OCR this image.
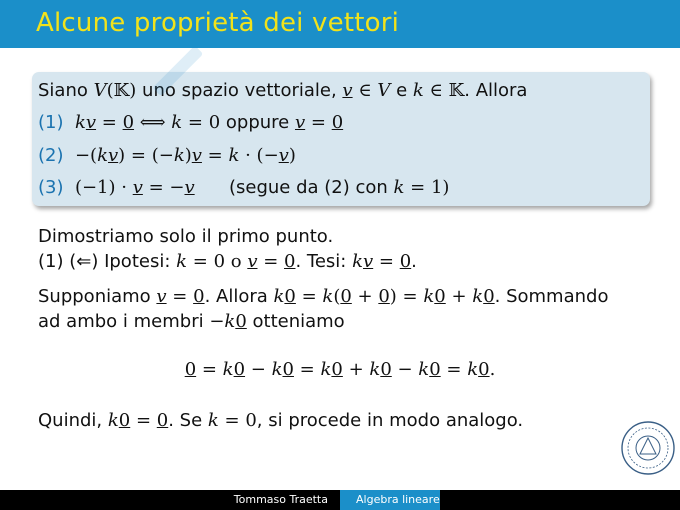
Alcune proprietà dei vettori
Siano V(𝕂) uno spazio vettoriale, v ∈ V e k ∈ 𝕂. Allora
(1) kv = 0 ⟺ k = 0 oppure v = 0
(2) −(kv) = (−k)v = k · (−v)
(3) (−1) · v = −v      (segue da (2) con k = 1)
Dimostriamo solo il primo punto.
(1) (⇐) Ipotesi: k = 0 o v = 0. Tesi: kv = 0.
Supponiamo v = 0. Allora k0 = k(0 + 0) = k0 + k0. Sommando
ad ambo i membri −k0 otteniamo
0 = k0 − k0 = k0 + k0 − k0 = k0.
Quindi, k0 = 0. Se k = 0, si procede in modo analogo.
Tommaso Traetta	Algebra lineare
